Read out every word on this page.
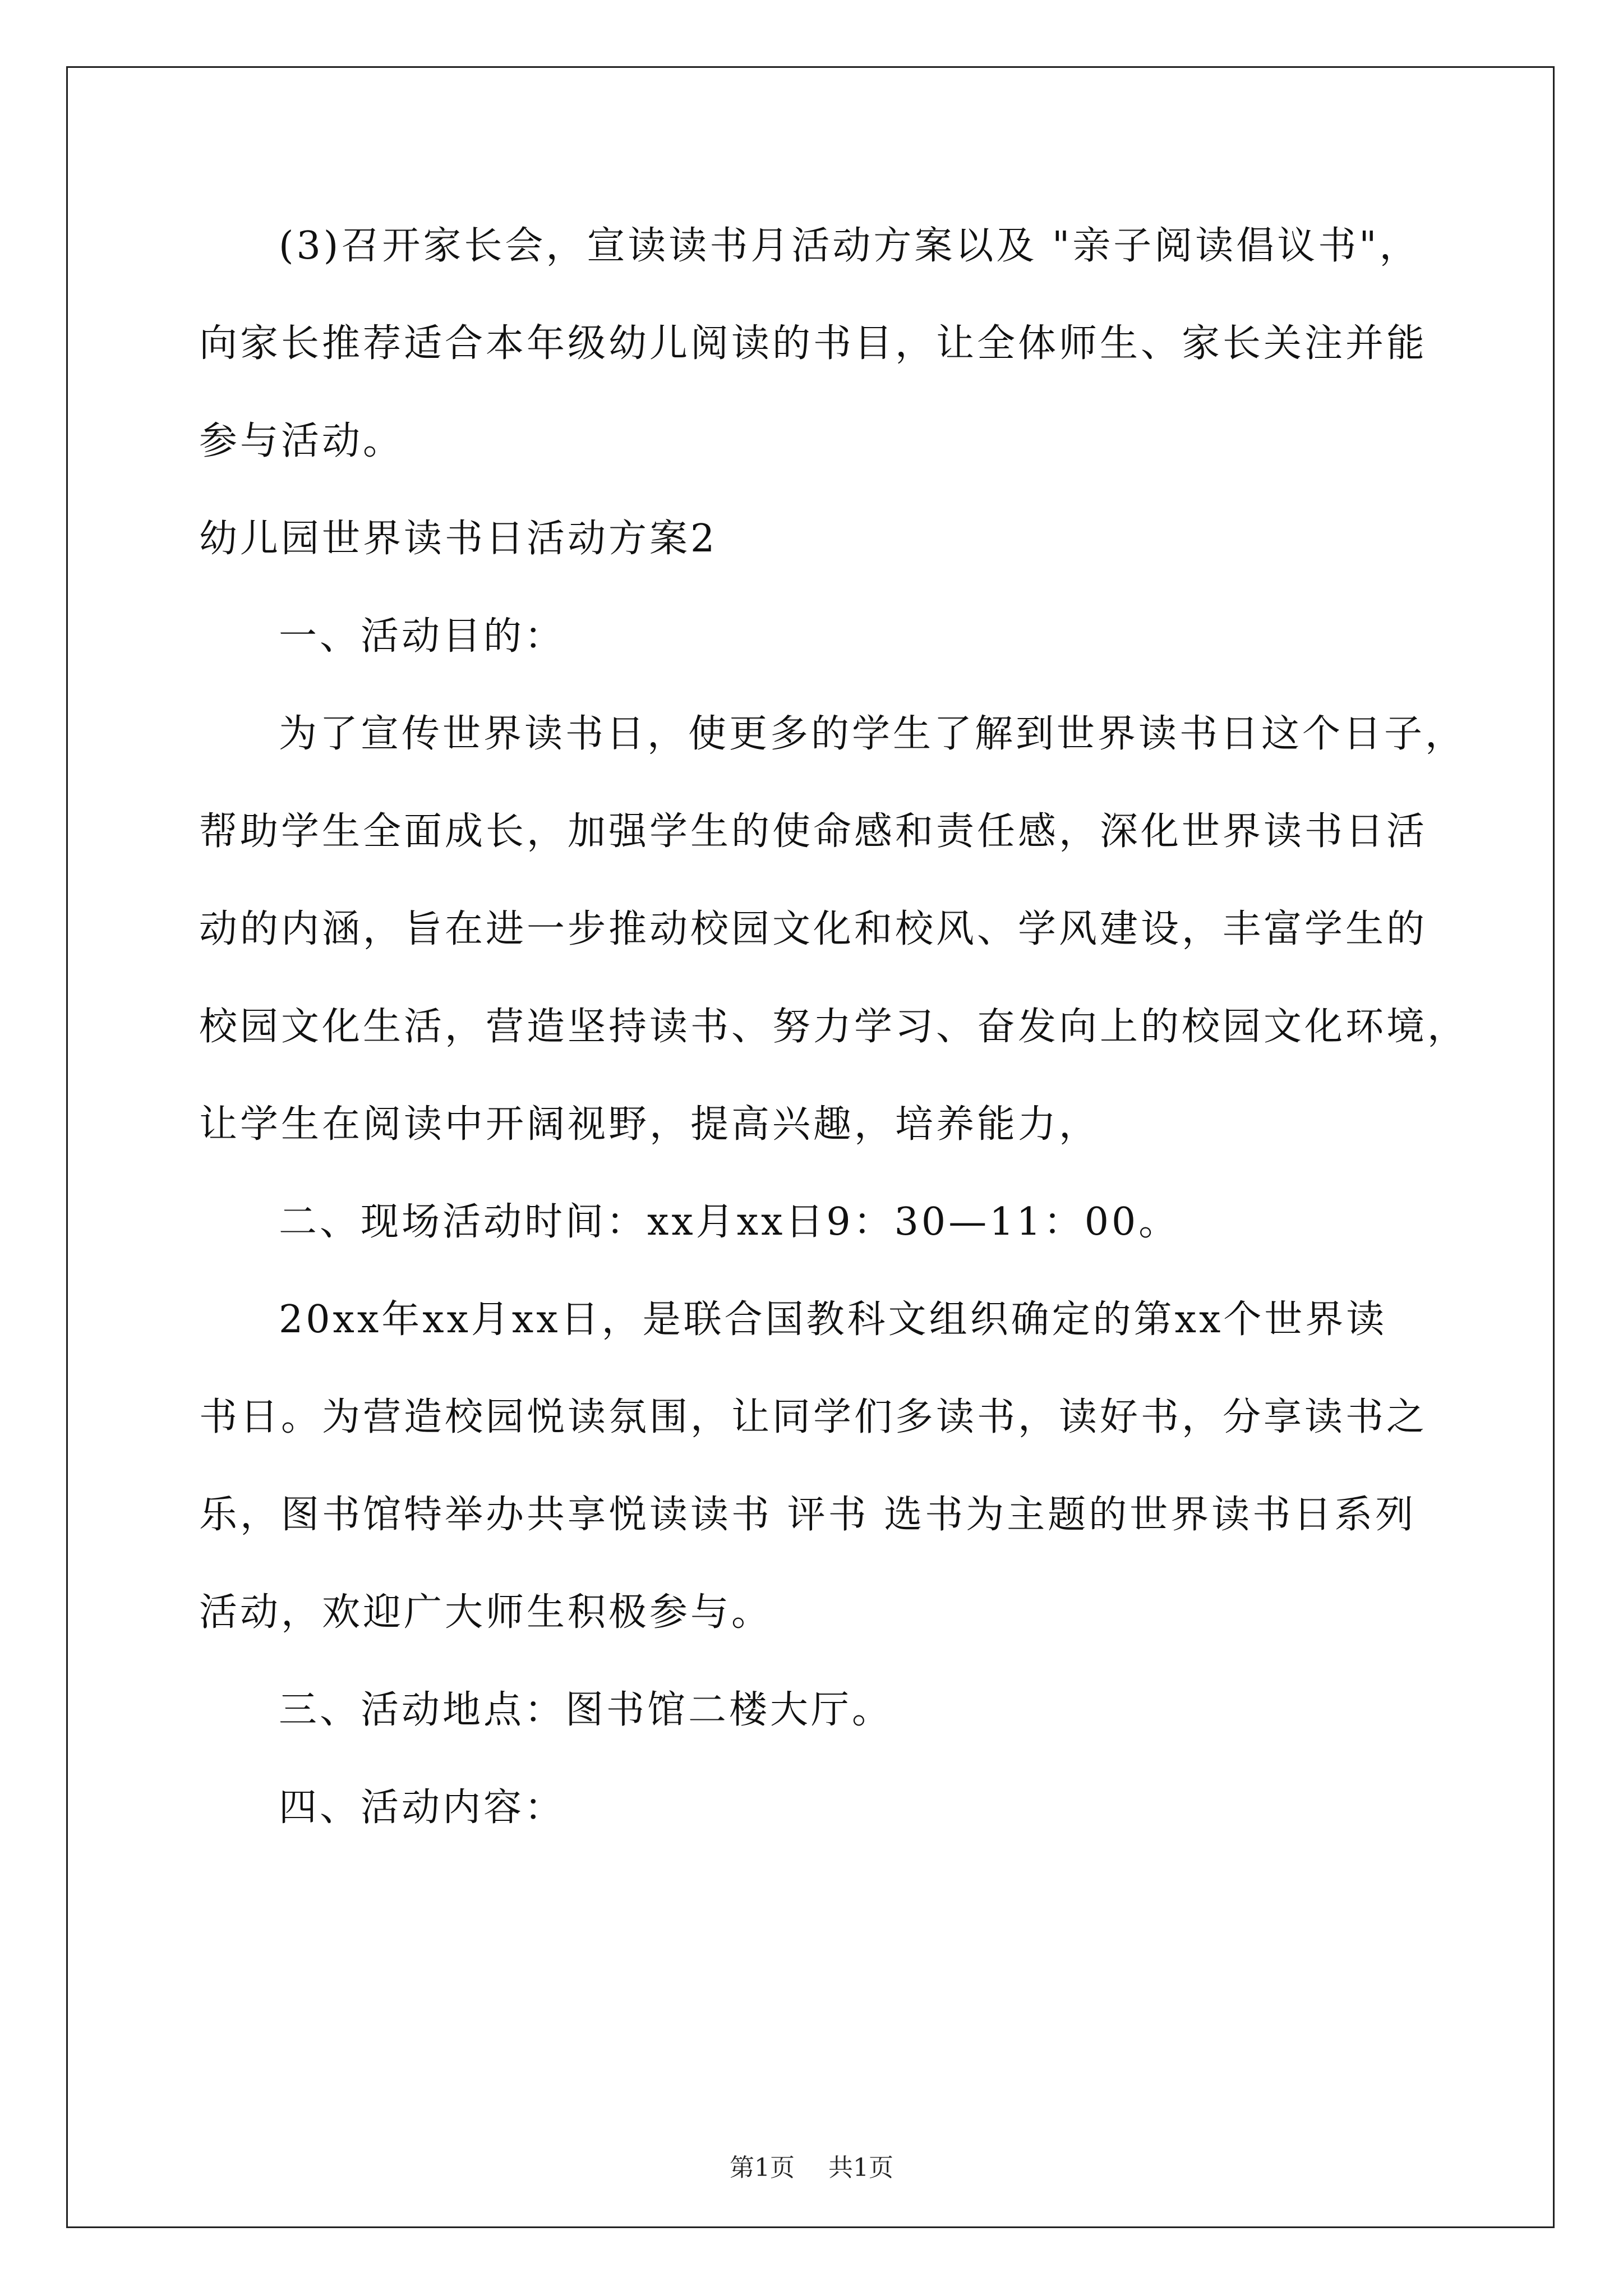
(3)召开家长会，宣读读书月活动方案以及 "亲子阅读倡议书"，
向家长推荐适合本年级幼儿阅读的书目，让全体师生、家长关注并能
参与活动。
幼儿园世界读书日活动方案2
一、活动目的：
为了宣传世界读书日，使更多的学生了解到世界读书日这个日子，
帮助学生全面成长，加强学生的使命感和责任感，深化世界读书日活
动的内涵，旨在进一步推动校园文化和校风、学风建设，丰富学生的
校园文化生活，营造坚持读书、努力学习、奋发向上的校园文化环境，
让学生在阅读中开阔视野，提高兴趣，培养能力，
二、现场活动时间：xx月xx日9：30—11：00。
20xx年xx月xx日，是联合国教科文组织确定的第xx个世界读
书日。为营造校园悦读氛围，让同学们多读书，读好书，分享读书之
乐，图书馆特举办共享悦读读书 评书 选书为主题的世界读书日系列
活动，欢迎广大师生积极参与。
三、活动地点：图书馆二楼大厅。
四、活动内容：
第1页 共1页
